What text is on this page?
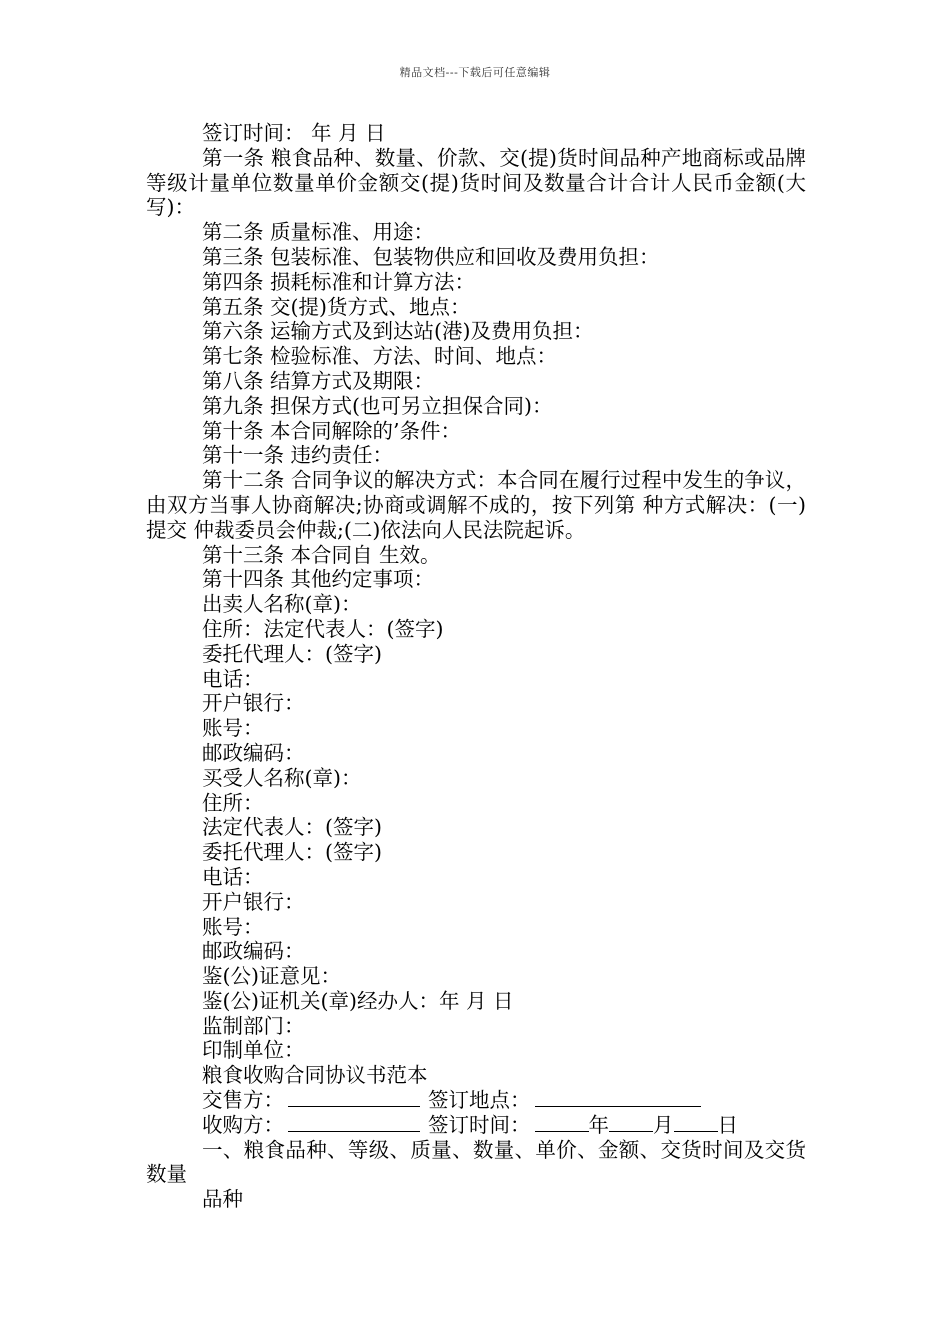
精品文档---下载后可任意编辑

签订时间： 年 月 日

第一条 粮食品种、数量、价款、交(提)货时间品种产地商标或品牌等级计量单位数量单价金额交(提)货时间及数量合计合计人民币金额(大写)：

第二条 质量标准、用途：

第三条 包装标准、包装物供应和回收及费用负担：

第四条 损耗标准和计算方法：

第五条 交(提)货方式、地点：

第六条 运输方式及到达站(港)及费用负担：

第七条 检验标准、方法、时间、地点：

第八条 结算方式及期限：

第九条 担保方式(也可另立担保合同)：

第十条 本合同解除的’条件：

第十一条 违约责任：

第十二条 合同争议的解决方式：本合同在履行过程中发生的争议，由双方当事人协商解决;协商或调解不成的，按下列第 种方式解决：(一)提交 仲裁委员会仲裁;(二)依法向人民法院起诉。

第十三条 本合同自 生效。

第十四条 其他约定事项：

出卖人名称(章)：

住所：法定代表人：(签字)

委托代理人：(签字)

电话：

开户银行：

账号：

邮政编码：

买受人名称(章)：

住所：

法定代表人：(签字)

委托代理人：(签字)

电话：

开户银行：

账号：

邮政编码：

鉴(公)证意见：

鉴(公)证机关(章)经办人：年 月 日

监制部门：

印制单位：

粮食收购合同协议书范本

交售方：	签订地点：

收购方：	签订时间：	年 月 日

一、粮食品种、等级、质量、数量、单价、金额、交货时间及交货数量

品种
